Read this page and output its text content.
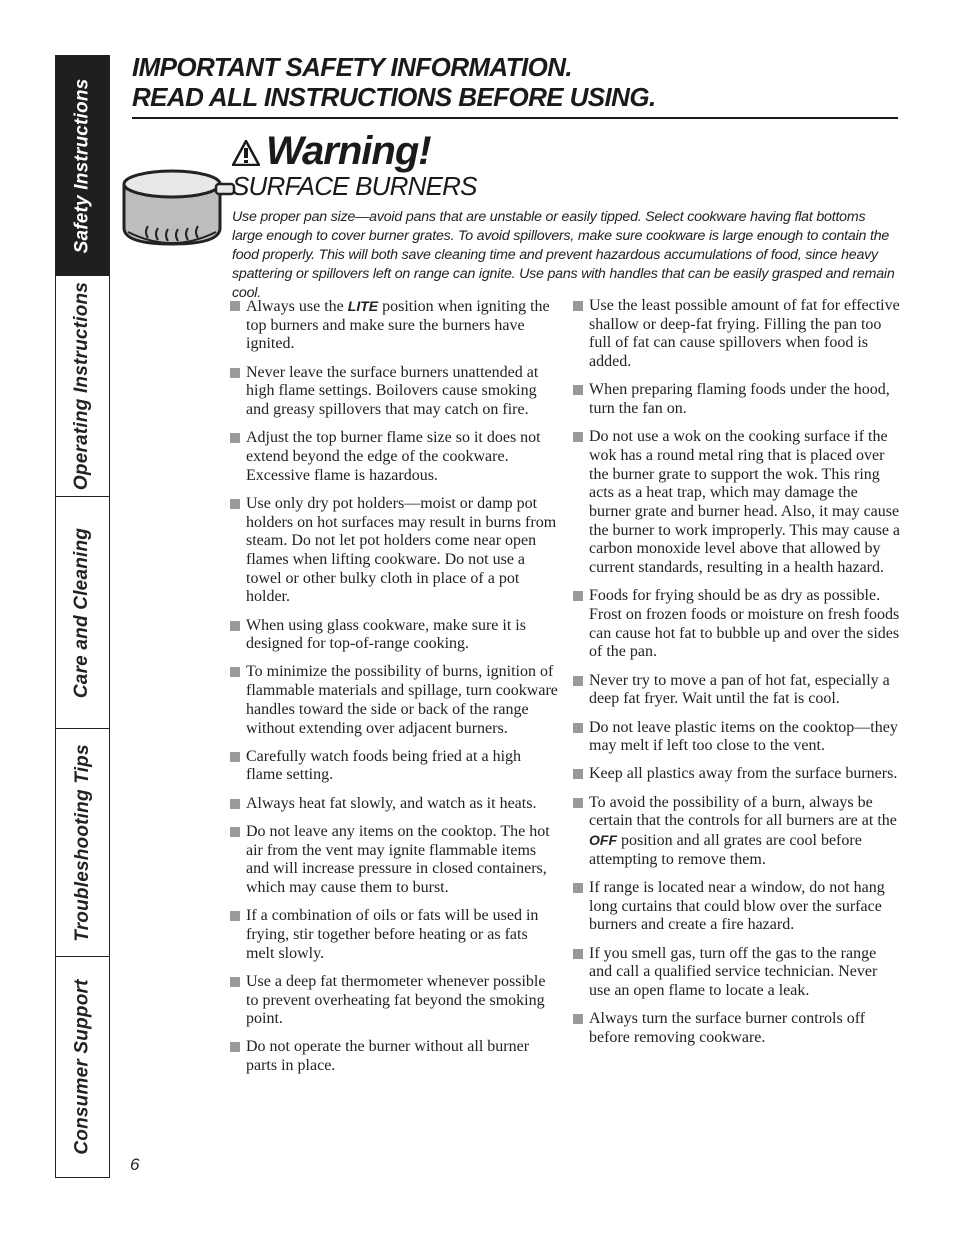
Safety Instructions
Operating Instructions
Care and Cleaning
Troubleshooting Tips
Consumer Support
IMPORTANT SAFETY INFORMATION.
READ ALL INSTRUCTIONS BEFORE USING.
Warning!
SURFACE BURNERS
Use proper pan size—avoid pans that are unstable or easily tipped. Select cookware having flat bottoms large enough to cover burner grates. To avoid spillovers, make sure cookware is large enough to contain the food properly. This will both save cleaning time and prevent hazardous accumulations of food, since heavy spattering or spillovers left on range can ignite. Use pans with handles that can be easily grasped and remain cool.
Always use the LITE position when igniting the top burners and make sure the burners have ignited.
Never leave the surface burners unattended at high flame settings. Boilovers cause smoking and greasy spillovers that may catch on fire.
Adjust the top burner flame size so it does not extend beyond the edge of the cookware. Excessive flame is hazardous.
Use only dry pot holders—moist or damp pot holders on hot surfaces may result in burns from steam. Do not let pot holders come near open flames when lifting cookware. Do not use a towel or other bulky cloth in place of a pot holder.
When using glass cookware, make sure it is designed for top-of-range cooking.
To minimize the possibility of burns, ignition of flammable materials and spillage, turn cookware handles toward the side or back of the range without extending over adjacent burners.
Carefully watch foods being fried at a high flame setting.
Always heat fat slowly, and watch as it heats.
Do not leave any items on the cooktop. The hot air from the vent may ignite flammable items and will increase pressure in closed containers, which may cause them to burst.
If a combination of oils or fats will be used in frying, stir together before heating or as fats melt slowly.
Use a deep fat thermometer whenever possible to prevent overheating fat beyond the smoking point.
Do not operate the burner without all burner parts in place.
Use the least possible amount of fat for effective shallow or deep-fat frying. Filling the pan too full of fat can cause spillovers when food is added.
When preparing flaming foods under the hood, turn the fan on.
Do not use a wok on the cooking surface if the wok has a round metal ring that is placed over the burner grate to support the wok. This ring acts as a heat trap, which may damage the burner grate and burner head. Also, it may cause the burner to work improperly. This may cause a carbon monoxide level above that allowed by current standards, resulting in a health hazard.
Foods for frying should be as dry as possible. Frost on frozen foods or moisture on fresh foods can cause hot fat to bubble up and over the sides of the pan.
Never try to move a pan of hot fat, especially a deep fat fryer. Wait until the fat is cool.
Do not leave plastic items on the cooktop—they may melt if left too close to the vent.
Keep all plastics away from the surface burners.
To avoid the possibility of a burn, always be certain that the controls for all burners are at the OFF position and all grates are cool before attempting to remove them.
If range is located near a window, do not hang long curtains that could blow over the surface burners and create a fire hazard.
If you smell gas, turn off the gas to the range and call a qualified service technician. Never use an open flame to locate a leak.
Always turn the surface burner controls off before removing cookware.
6
